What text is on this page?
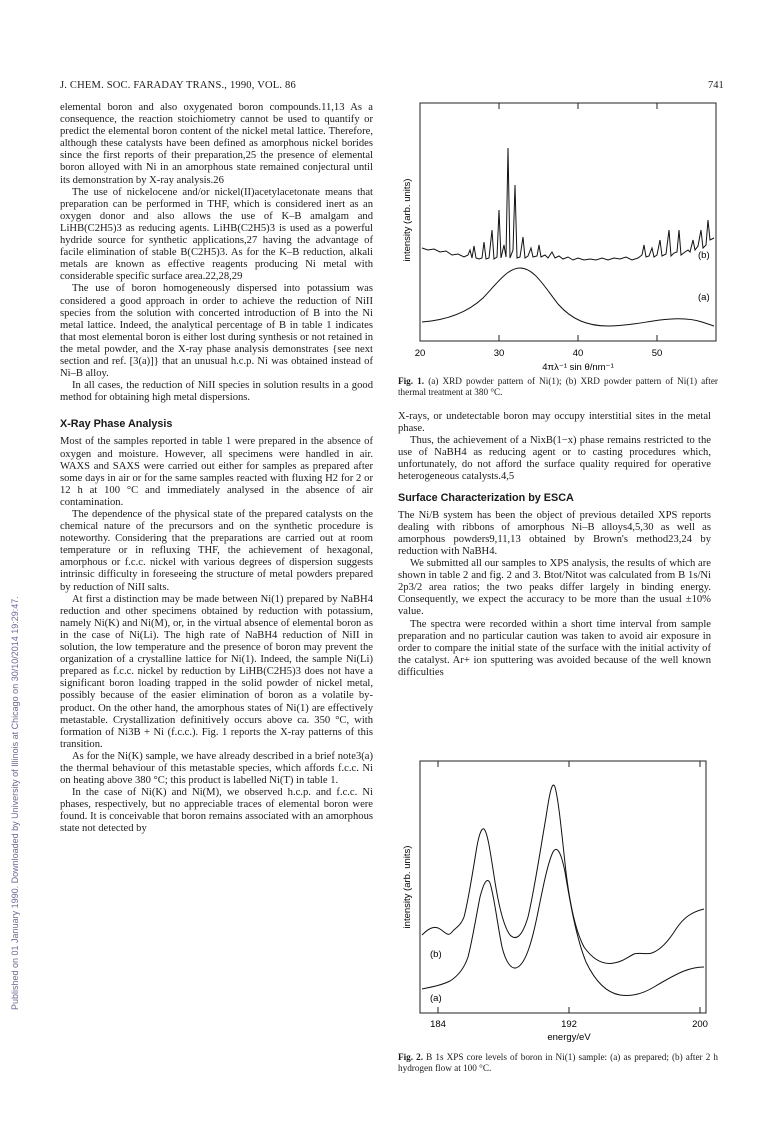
J. CHEM. SOC. FARADAY TRANS., 1990, VOL. 86	741
Published on 01 January 1990. Downloaded by University of Illinois at Chicago on 30/10/2014 19:29:47.

elemental boron and also oxygenated boron compounds.11,13 As a consequence, the reaction stoichiometry cannot be used to quantify or predict the elemental boron content of the nickel metal lattice. Therefore, although these catalysts have been defined as amorphous nickel borides since the first reports of their preparation,25 the presence of elemental boron alloyed with Ni in an amorphous state remained conjectural until its demonstration by X-ray analysis.26

The use of nickelocene and/or nickel(II)acetylacetonate means that preparation can be performed in THF, which is considered inert as an oxygen donor and also allows the use of K–B amalgam and LiHB(C2H5)3 as reducing agents. LiHB(C2H5)3 is used as a powerful hydride source for synthetic applications,27 having the advantage of facile elimination of stable B(C2H5)3. As for the K–B reduction, alkali metals are known as effective reagents producing Ni metal with considerable specific surface area.22,28,29

The use of boron homogeneously dispersed into potassium was considered a good approach in order to achieve the reduction of NiII species from the solution with concerted introduction of B into the Ni metal lattice. Indeed, the analytical percentage of B in table 1 indicates that most elemental boron is either lost during synthesis or not retained in the metal powder, and the X-ray phase analysis demonstrates {see next section and ref. [3(a)]} that an unusual h.c.p. Ni was obtained instead of Ni–B alloy.

In all cases, the reduction of NiII species in solution results in a good method for obtaining high metal dispersions.

X-Ray Phase Analysis

Most of the samples reported in table 1 were prepared in the absence of oxygen and moisture. However, all specimens were handled in air. WAXS and SAXS were carried out either for samples as prepared after some days in air or for the same samples reacted with fluxing H2 for 2 or 12 h at 100 °C and immediately analysed in the absence of air contamination.

The dependence of the physical state of the prepared catalysts on the chemical nature of the precursors and on the synthetic procedure is noteworthy. Considering that the preparations are carried out at room temperature or in refluxing THF, the achievement of hexagonal, amorphous or f.c.c. nickel with various degrees of dispersion suggests intrinsic difficulty in foreseeing the structure of metal powders prepared by reduction of NiII salts.

At first a distinction may be made between Ni(1) prepared by NaBH4 reduction and other specimens obtained by reduction with potassium, namely Ni(K) and Ni(M), or, in the virtual absence of elemental boron as in the case of Ni(Li). The high rate of NaBH4 reduction of NiII in solution, the low temperature and the presence of boron may prevent the organization of a crystalline lattice for Ni(1). Indeed, the sample Ni(Li) prepared as f.c.c. nickel by reduction by LiHB(C2H5)3 does not have a significant boron loading trapped in the solid powder of nickel metal, possibly because of the easier elimination of boron as a volatile by-product. On the other hand, the amorphous states of Ni(1) are effectively metastable. Crystallization definitively occurs above ca. 350 °C, with formation of Ni3B + Ni (f.c.c.). Fig. 1 reports the X-ray patterns of this transition.

As for the Ni(K) sample, we have already described in a brief note3(a) the thermal behaviour of this metastable species, which affords f.c.c. Ni on heating above 380 °C; this product is labelled Ni(T) in table 1.

In the case of Ni(K) and Ni(M), we observed h.c.p. and f.c.c. Ni phases, respectively, but no appreciable traces of elemental boron were found. It is conceivable that boron remains associated with an amorphous state not detected by

(b)
(a)
intensity (arb. units)
20	30	40	50
4πλ⁻¹ sin θ/nm⁻¹
Fig. 1. (a) XRD powder pattern of Ni(1); (b) XRD powder pattern of Ni(1) after thermal treatment at 380 °C.

X-rays, or undetectable boron may occupy interstitial sites in the metal phase.

Thus, the achievement of a NixB(1−x) phase remains restricted to the use of NaBH4 as reducing agent or to casting procedures which, unfortunately, do not afford the surface quality required for operative heterogeneous catalysts.4,5

Surface Characterization by ESCA

The Ni/B system has been the object of previous detailed XPS reports dealing with ribbons of amorphous Ni–B alloys4,5,30 as well as amorphous powders9,11,13 obtained by Brown's method23,24 by reduction with NaBH4.

We submitted all our samples to XPS analysis, the results of which are shown in table 2 and fig. 2 and 3. Btot/Nitot was calculated from B 1s/Ni 2p3/2 area ratios; the two peaks differ largely in binding energy. Consequently, we expect the accuracy to be more than the usual ±10% value.

The spectra were recorded within a short time interval from sample preparation and no particular caution was taken to avoid air exposure in order to compare the initial state of the surface with the initial activity of the catalyst. Ar+ ion sputtering was avoided because of the well known difficulties

(b)
(a)
intensity (arb. units)
184	192	200
energy/eV
Fig. 2. B 1s XPS core levels of boron in Ni(1) sample: (a) as prepared; (b) after 2 h hydrogen flow at 100 °C.
